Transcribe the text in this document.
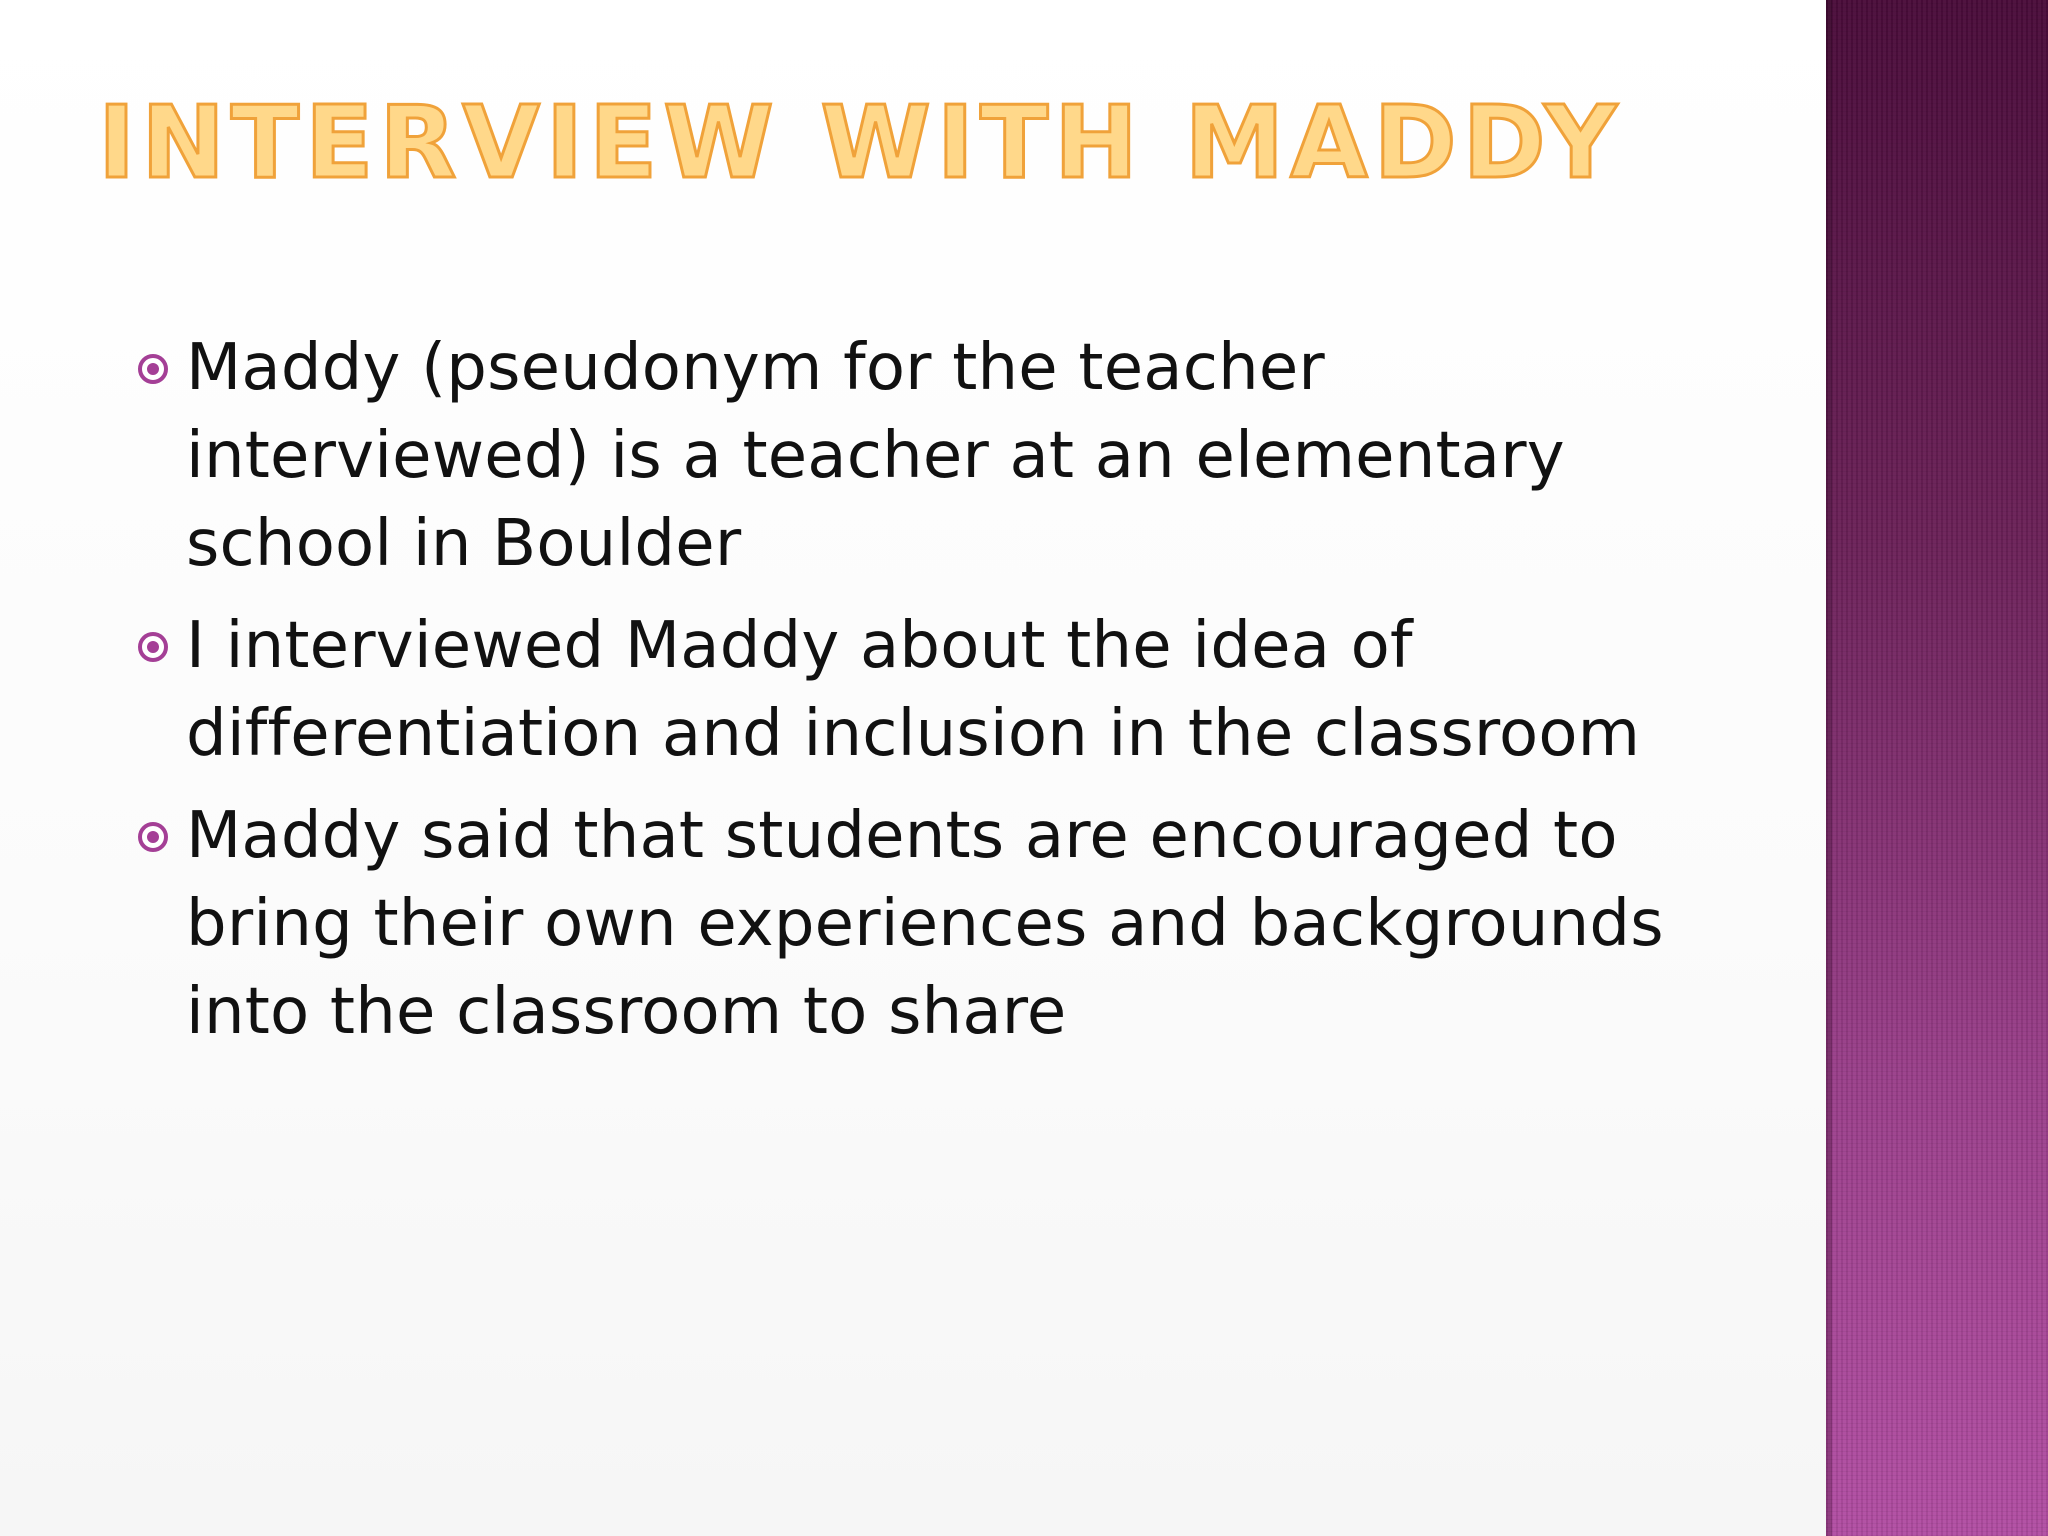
INTERVIEW WITH MADDY
Maddy (pseudonym for the teacher interviewed) is a teacher at an elementary school in Boulder
I interviewed Maddy about the idea of differentiation and inclusion in the classroom
Maddy said that students are encouraged to bring their own experiences and backgrounds into the classroom to share
